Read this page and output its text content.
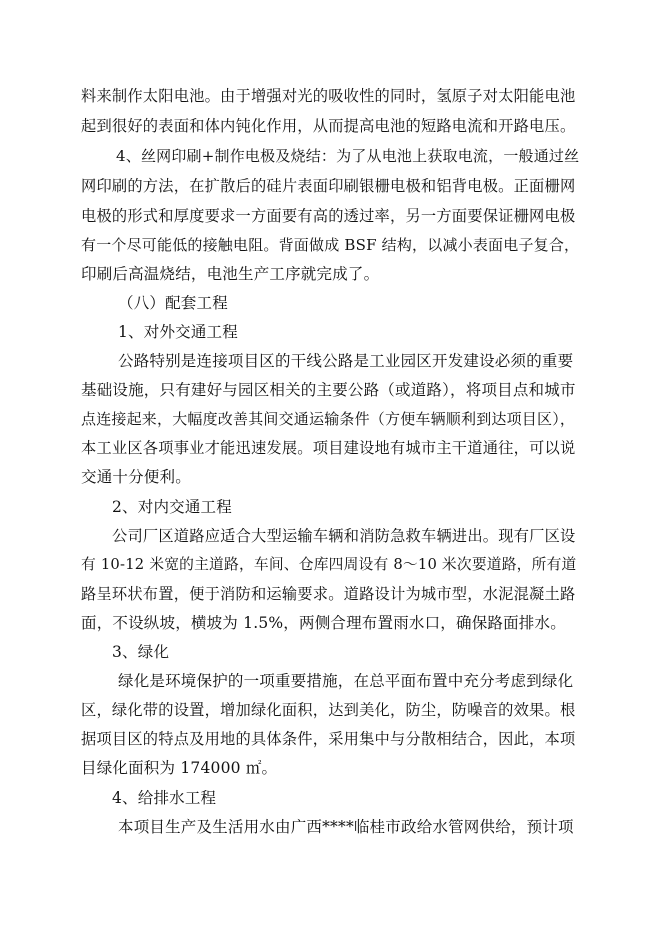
料来制作太阳电池。由于增强对光的吸收性的同时，氢原子对太阳能电池
起到很好的表面和体内钝化作用，从而提高电池的短路电流和开路电压。
4、丝网印刷+制作电极及烧结：为了从电池上获取电流，一般通过丝
网印刷的方法，在扩散后的硅片表面印刷银栅电极和铝背电极。正面栅网
电极的形式和厚度要求一方面要有高的透过率，另一方面要保证栅网电极
有一个尽可能低的接触电阻。背面做成 BSF 结构，以减小表面电子复合，
印刷后高温烧结，电池生产工序就完成了。
（八）配套工程
1、对外交通工程
公路特别是连接项目区的干线公路是工业园区开发建设必须的重要
基础设施，只有建好与园区相关的主要公路（或道路），将项目点和城市
点连接起来，大幅度改善其间交通运输条件（方便车辆顺利到达项目区），
本工业区各项事业才能迅速发展。项目建设地有城市主干道通往，可以说
交通十分便利。
2、对内交通工程
公司厂区道路应适合大型运输车辆和消防急救车辆进出。现有厂区设
有 10-12 米宽的主道路，车间、仓库四周设有 8～10 米次要道路，所有道
路呈环状布置，便于消防和运输要求。道路设计为城市型，水泥混凝土路
面，不设纵坡，横坡为 1.5%，两侧合理布置雨水口，确保路面排水。
3、绿化
绿化是环境保护的一项重要措施，在总平面布置中充分考虑到绿化
区，绿化带的设置，增加绿化面积，达到美化，防尘，防噪音的效果。根
据项目区的特点及用地的具体条件，采用集中与分散相结合，因此，本项
目绿化面积为 174000 ㎡。
4、给排水工程
本项目生产及生活用水由广西****临桂市政给水管网供给，预计项
